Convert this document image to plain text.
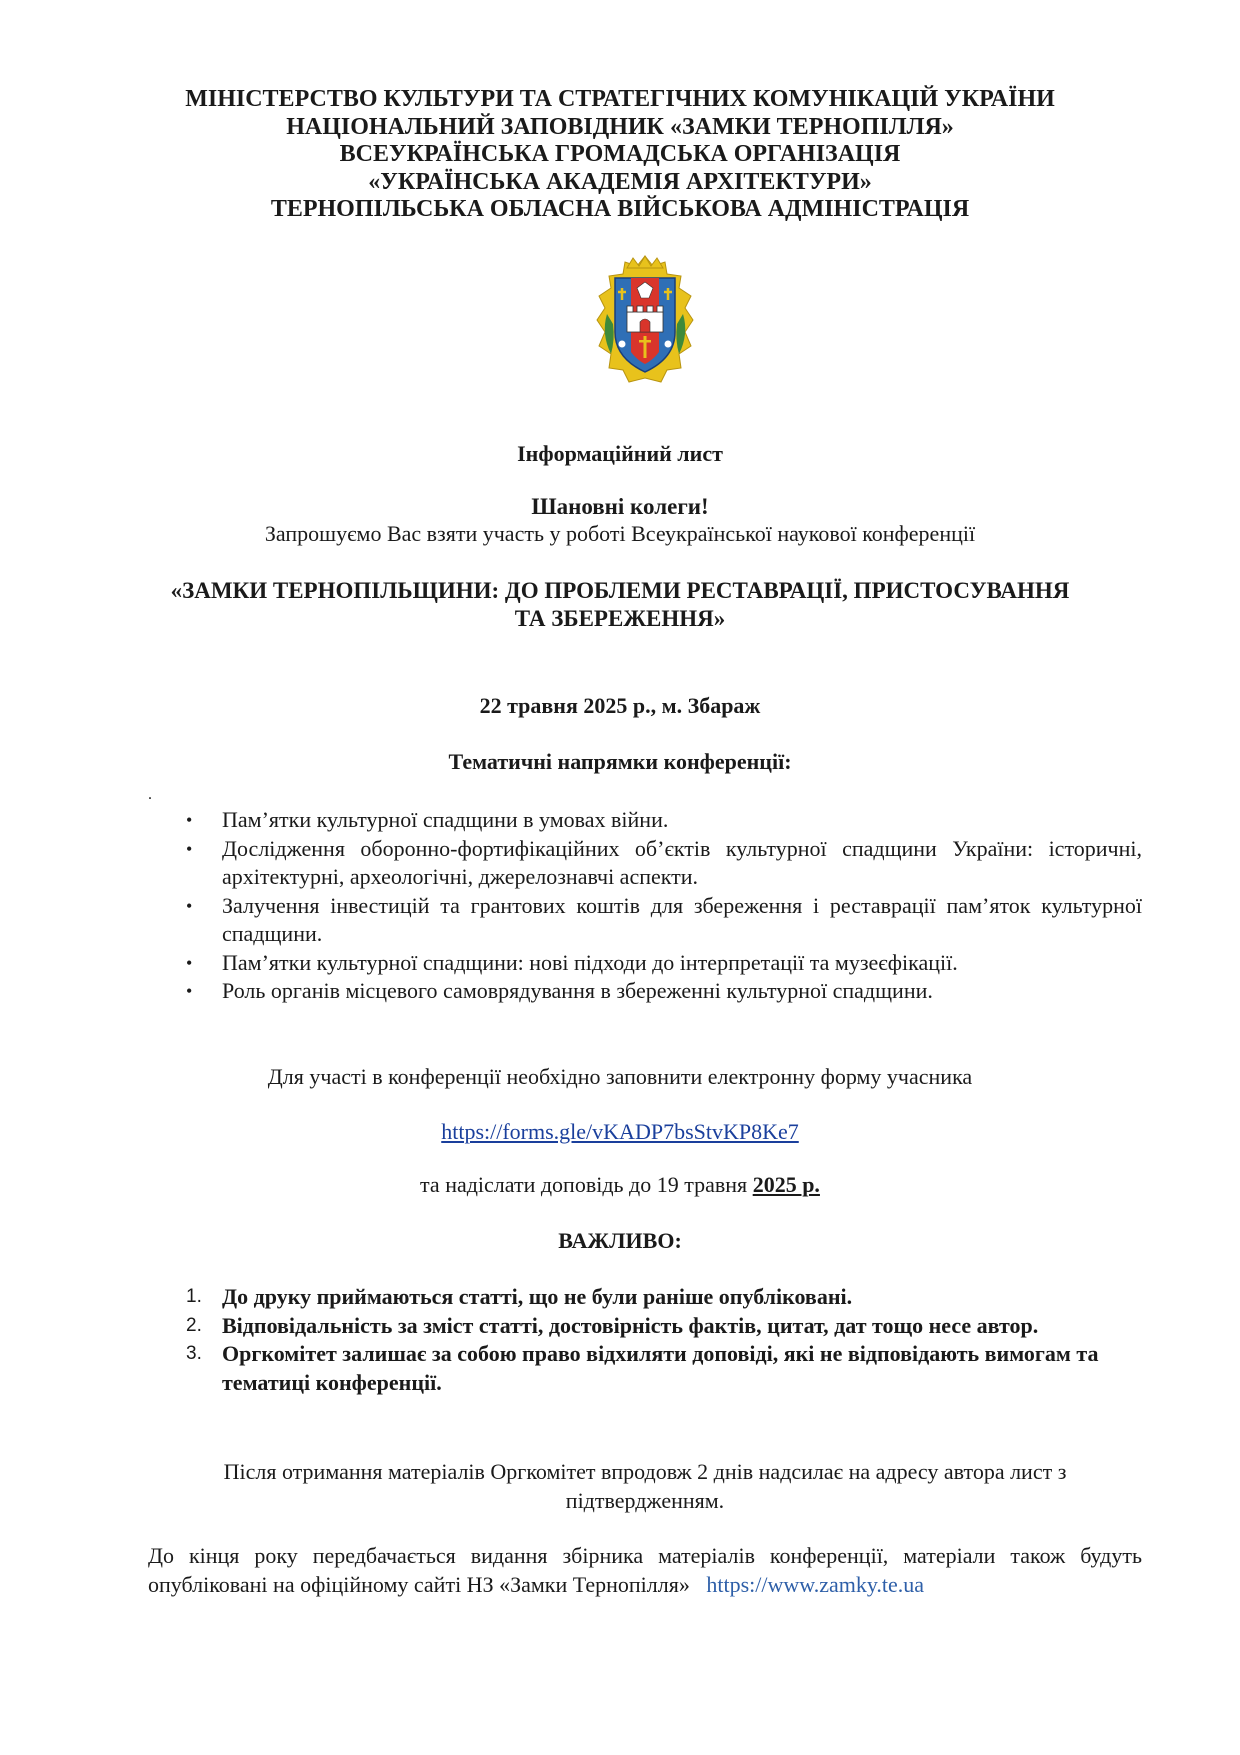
МІНІСТЕРСТВО КУЛЬТУРИ ТА СТРАТЕГІЧНИХ КОМУНІКАЦІЙ УКРАЇНИ
НАЦІОНАЛЬНИЙ ЗАПОВІДНИК «ЗАМКИ ТЕРНОПІЛЛЯ»
ВСЕУКРАЇНСЬКА ГРОМАДСЬКА ОРГАНІЗАЦІЯ
«УКРАЇНСЬКА АКАДЕМІЯ АРХІТЕКТУРИ»
ТЕРНОПІЛЬСЬКА ОБЛАСНА ВІЙСЬКОВА АДМІНІСТРАЦІЯ
Інформаційний лист
Шановні колеги!
Запрошуємо Вас взяти участь у роботі Всеукраїнської наукової конференції
«ЗАМКИ ТЕРНОПІЛЬЩИНИ: ДО ПРОБЛЕМИ РЕСТАВРАЦІЇ, ПРИСТОСУВАННЯ
ТА ЗБЕРЕЖЕННЯ»
22 травня 2025 р., м. Збараж
Тематичні напрямки конференції:
.
• Пам’ятки культурної спадщини в умовах війни.
• Дослідження оборонно-фортифікаційних об’єктів культурної спадщини України: історичні, архітектурні, археологічні, джерелознавчі аспекти.
• Залучення інвестицій та грантових коштів для збереження і реставрації пам’яток культурної спадщини.
• Пам’ятки культурної спадщини: нові підходи до інтерпретації та музеєфікації.
• Роль органів місцевого самоврядування в збереженні культурної спадщини.
Для участі в конференції необхідно заповнити електронну форму учасника
https://forms.gle/vKADP7bsStvKP8Ke7
та надіслати доповідь до 19 травня 2025 р.
ВАЖЛИВО:
1. До друку приймаються статті, що не були раніше опубліковані.
2. Відповідальність за зміст статті, достовірність фактів, цитат, дат тощо несе автор.
3. Оргкомітет залишає за собою право відхиляти доповіді, які не відповідають вимогам та тематиці конференції.
Після отримання матеріалів Оргкомітет впродовж 2 днів надсилає на адресу автора лист з підтвердженням.
До кінця року передбачається видання збірника матеріалів конференції, матеріали також будуть опубліковані на офіційному сайті НЗ «Замки Тернопілля» https://www.zamky.te.ua
